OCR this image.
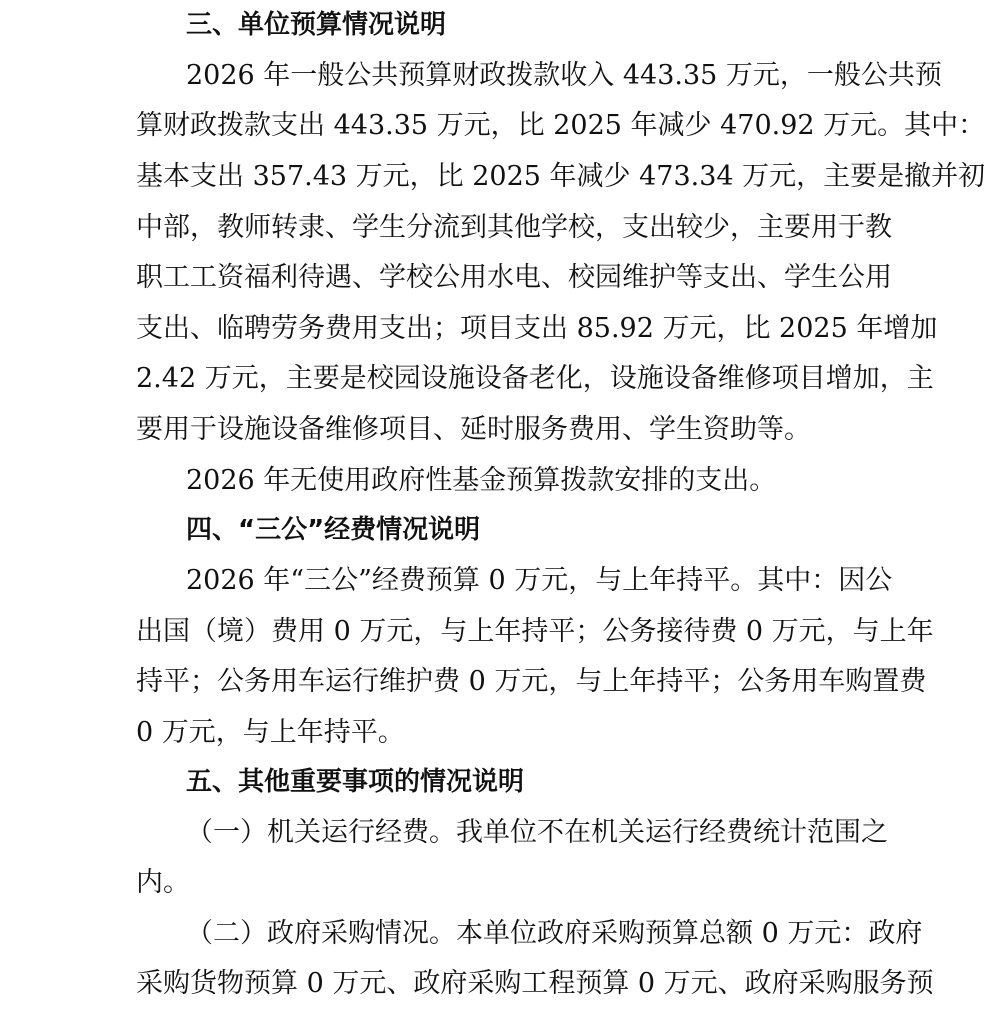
三、单位预算情况说明
2026 年一般公共预算财政拨款收入 443.35 万元，一般公共预
算财政拨款支出 443.35 万元，比 2025 年减少 470.92 万元。其中：
基本支出 357.43 万元，比 2025 年减少 473.34 万元，主要是撤并初
中部，教师转隶、学生分流到其他学校，支出较少，主要用于教
职工工资福利待遇、学校公用水电、校园维护等支出、学生公用
支出、临聘劳务费用支出；项目支出 85.92 万元，比 2025 年增加
2.42 万元，主要是校园设施设备老化，设施设备维修项目增加，主
要用于设施设备维修项目、延时服务费用、学生资助等。
2026 年无使用政府性基金预算拨款安排的支出。
四、“三公”经费情况说明
2026 年“三公”经费预算 0 万元，与上年持平。其中：因公
出国（境）费用 0 万元，与上年持平；公务接待费 0 万元，与上年
持平；公务用车运行维护费 0 万元，与上年持平；公务用车购置费
0 万元，与上年持平。
五、其他重要事项的情况说明
（一）机关运行经费。我单位不在机关运行经费统计范围之
内。
（二）政府采购情况。本单位政府采购预算总额 0 万元：政府
采购货物预算 0 万元、政府采购工程预算 0 万元、政府采购服务预
